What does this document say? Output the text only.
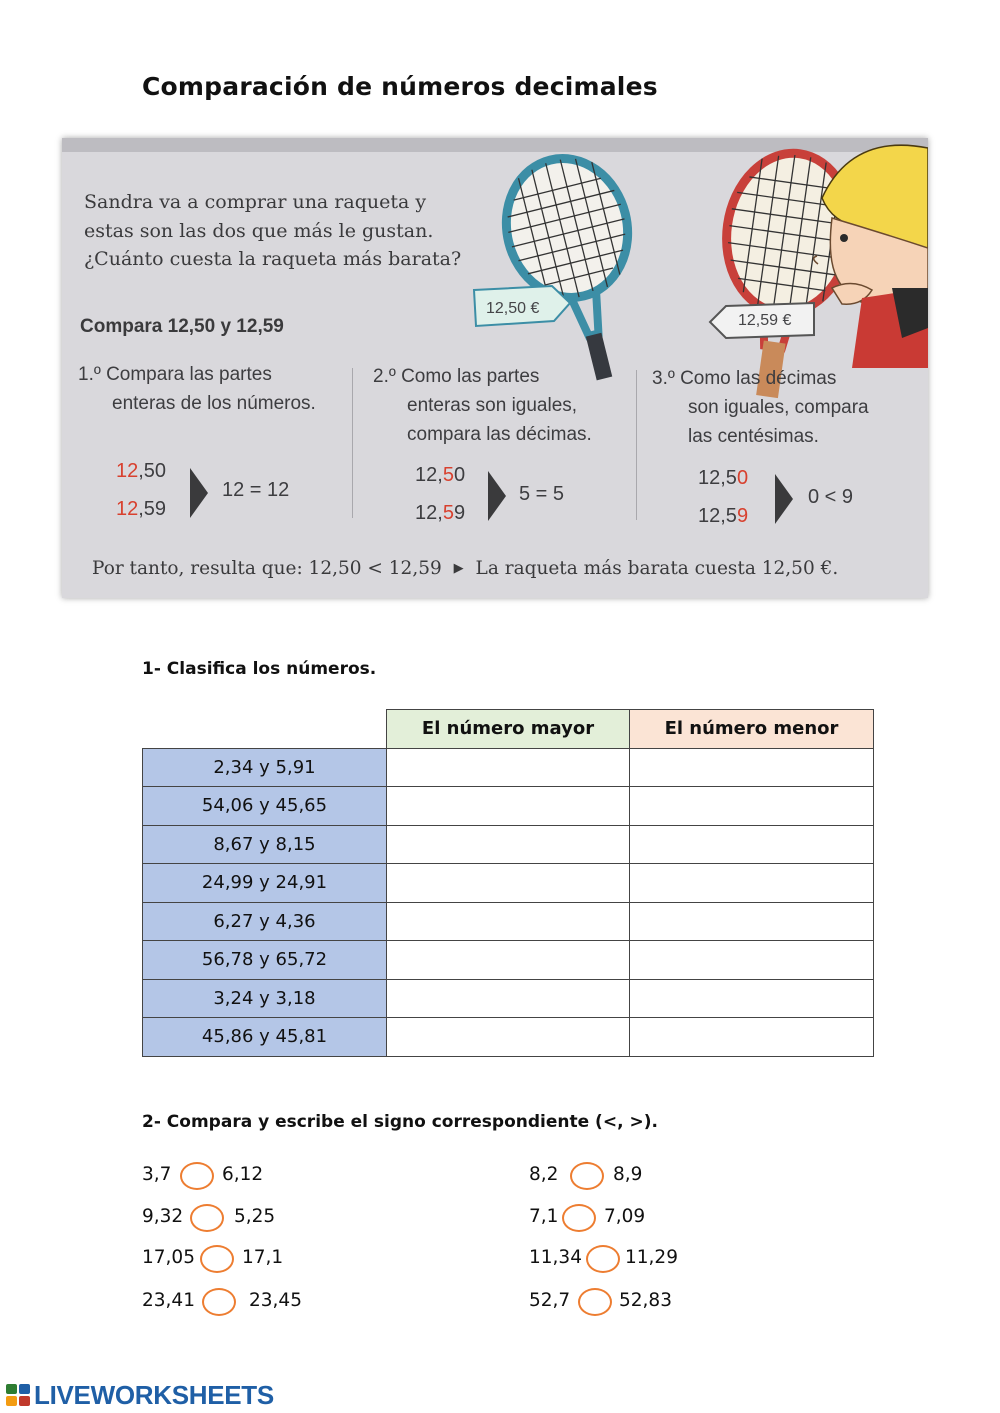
Comparación de números decimales
12,50 €
12,59 €
Sandra va a comprar una raqueta y
estas son las dos que más le gustan.
¿Cuánto cuesta la raqueta más barata?
Compara 12,50 y 12,59
1.º Compara las partes
enteras de los números.
12,50
12,59
12 = 12
2.º Como las partes
enteras son iguales,
compara las décimas.
12,50
12,59
5 = 5
3.º Como las décimas
son iguales, compara
las centésimas.
12,50
12,59
0 < 9
Por tanto, resulta que: 12,50 < 12,59 ▶ La raqueta más barata cuesta 12,50 €.
1- Clasifica los números.
	El número mayor	El número menor
2,34 y 5,91		
54,06 y 45,65		
8,67 y 8,15		
24,99 y 24,91		
6,27 y 4,36		
56,78 y 65,72		
3,24 y 3,18		
45,86 y 45,81		
2- Compara y escribe el signo correspondiente (<, >).
3,7	6,12
9,32	5,25
17,05	17,1
23,41	23,45
8,2	8,9
7,1 7,09
11,34 11,29
52,7	52,83
LIVEWORKSHEETS
